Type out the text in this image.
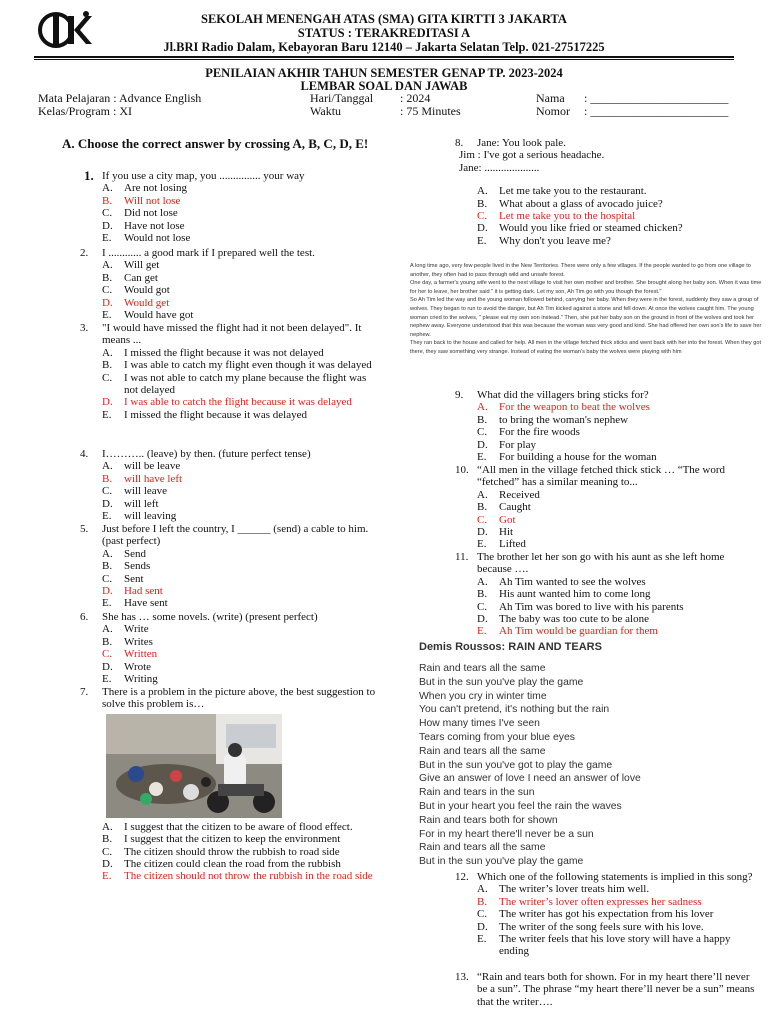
SEKOLAH MENENGAH ATAS (SMA) GITA KIRTTI 3 JAKARTA
STATUS : TERAKREDITASI A
Jl.BRI Radio Dalam, Kebayoran Baru 12140 – Jakarta Selatan Telp. 021-27517225
PENILAIAN AKHIR TAHUN SEMESTER GENAP TP. 2023-2024
LEMBAR SOAL DAN JAWAB
Mata Pelajaran : Advance English
Kelas/Program : XI
Hari/Tanggal : 2024
Waktu	: 75 Minutes
Nama : _______________________
Nomor : _______________________
A. Choose the correct answer by crossing A, B, C, D, E!
A long time ago, very few people lived in the New Territories. There were only a few villages. If the people wanted to go from one village to another, they often had to pass through wild and unsafe forest.
One day, a farmer's young wife went to the next village to visit her own mother and brother. She brought along her baby son. When it was time for her to leave, her brother said " it is getting dark. Let my son, Ah Tim go with you though the forest."
So Ah Tim led the way and the young woman followed behind, carrying her baby. When they were in the forest, suddenly they saw a group of wolves. They began to run to avoid the danger, but Ah Tim kicked against a stone and fell down. At once the wolves caught him. The young woman cried to the wolves, " please eat my own son instead." Then, she put her baby son on the ground in front of the wolves and took her nephew away. Everyone understood that this was because the woman was very good and kind. She had offered her own son's life to save her nephew.
They ran back to the house and called for help. All men in the village fetched thick sticks and went back with her into the forest. When they got there, they saw something very strange. Instead of eating the woman's baby the wolves were playing with him
Demis Roussos: RAIN AND TEARS
Rain and tears all the same
But in the sun you've play the game
When you cry in winter time
You can't pretend, it's nothing but the rain
How many times I've seen
Tears coming from your blue eyes
Rain and tears all the same
But in the sun you've got to play the game
Give an answer of love I need an answer of love
Rain and tears in the sun
But in your heart you feel the rain the waves
Rain and tears both for shown
For in my heart there'll never be a sun
Rain and tears all the same
But in the sun you've play the game
1. If you use a city map, you ............... your way
A. Are not losing
B. Will not lose
C. Did not lose
D. Have not lose
E. Would not lose
2. I ............ a good mark if I prepared well the test.
A. Will get
B. Can get
C. Would got
D. Would get
E. Would have got
3. "I would have missed the flight had it not been delayed". It means ...
A. I missed the flight because it was not delayed
B. I was able to catch my flight even though it was delayed
C. I was not able to catch my plane because the flight was not delayed
D. I was able to catch the flight because it was delayed
E. I missed the flight because it was delayed
4. I……….. (leave) by then. (future perfect tense)
A. will be leave
B. will have left
C. will leave
D. will left
E. will leaving
5. Just before I left the country, I ______ (send) a cable to him. (past perfect)
A. Send
B. Sends
C. Sent
D. Had sent
E. Have sent
6. She has … some novels. (write) (present perfect)
A. Write
B. Writes
C. Written
D. Wrote
E. Writing
7. There is a problem in the picture above, the best suggestion to solve this problem is…
A. I suggest that the citizen to be aware of flood effect.
B. I suggest that the citizen to keep the environment
C. The citizen should throw the rubbish to road side
D. The citizen could clean the road from the rubbish
E. The citizen should not throw the rubbish in the road side
8. Jane: You look pale.
Jim : I've got a serious headache.
Jane: ....................
A. Let me take you to the restaurant.
B. What about a glass of avocado juice?
C. Let me take you to the hospital
D. Would you like fried or steamed chicken?
E. Why don't you leave me?
9. What did the villagers bring sticks for?
A. For the weapon to beat the wolves
B. to bring the woman's nephew
C. For the fire woods
D. For play
E. For building a house for the woman
10. “All men in the village fetched thick stick … “The word “fetched” has a similar meaning to...
A. Received
B. Caught
C. Got
D. Hit
E. Lifted
11. The brother let her son go with his aunt as she left home because ….
A. Ah Tim wanted to see the wolves
B. His aunt wanted him to come long
C. Ah Tim was bored to live with his parents
D. The baby was too cute to be alone
E. Ah Tim would be guardian for them
12. Which one of the following statements is implied in this song?
A. The writer’s lover treats him well.
B. The writer’s lover often expresses her sadness
C. The writer has got his expectation from his lover
D. The writer of the song feels sure with his love.
E. The writer feels that his love story will have a happy ending
13. “Rain and tears both for shown. For in my heart there’ll never be a sun”. The phrase “my heart there’ll never be a sun” means that the writer….
